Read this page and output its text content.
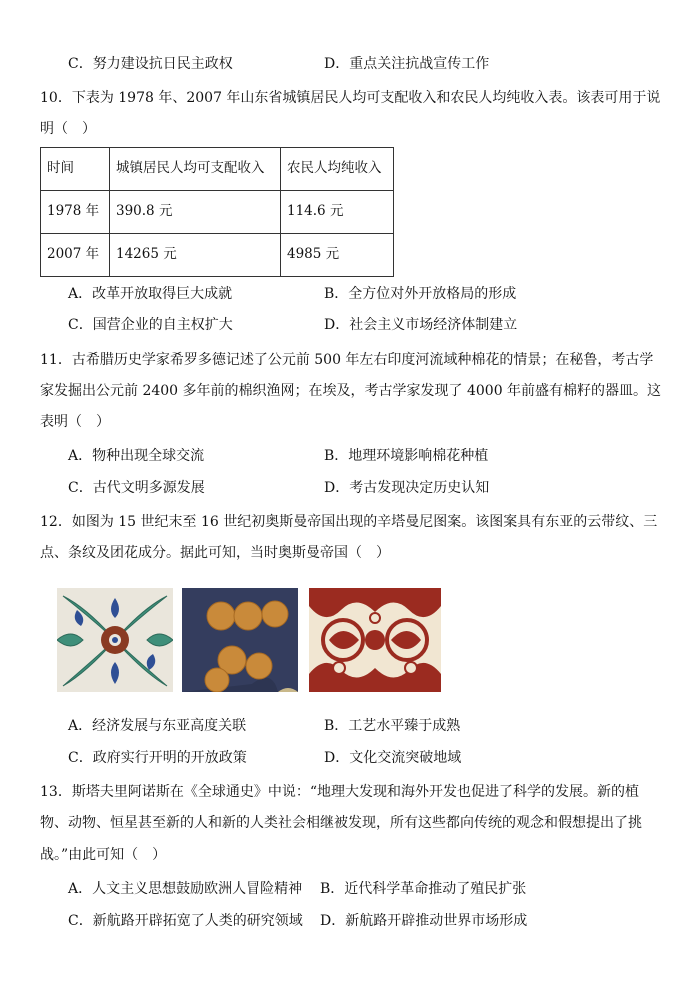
C．努力建设抗日民主政权	D．重点关注抗战宣传工作
10．下表为 1978 年、2007 年山东省城镇居民人均可支配收入和农民人均纯收入表。该表可用于说
明（　）
时间	城镇居民人均可支配收入	农民人均纯收入
1978 年	390.8 元	114.6 元
2007 年	14265 元	4985 元
A．改革开放取得巨大成就	B．全方位对外开放格局的形成
C．国营企业的自主权扩大	D．社会主义市场经济体制建立
11．古希腊历史学家希罗多德记述了公元前 500 年左右印度河流域种棉花的情景；在秘鲁，考古学
家发掘出公元前 2400 多年前的棉织渔网；在埃及，考古学家发现了 4000 年前盛有棉籽的器皿。这
表明（　）
A．物种出现全球交流	B．地理环境影响棉花种植
C．古代文明多源发展	D．考古发现决定历史认知
12．如图为 15 世纪末至 16 世纪初奥斯曼帝国出现的辛塔曼尼图案。该图案具有东亚的云带纹、三
点、条纹及团花成分。据此可知，当时奥斯曼帝国（　）
A．经济发展与东亚高度关联	B．工艺水平臻于成熟
C．政府实行开明的开放政策	D．文化交流突破地域
13．斯塔夫里阿诺斯在《全球通史》中说：“地理大发现和海外开发也促进了科学的发展。新的植
物、动物、恒星甚至新的人和新的人类社会相继被发现，所有这些都向传统的观念和假想提出了挑
战。”由此可知（　）
A．人文主义思想鼓励欧洲人冒险精神 B．近代科学革命推动了殖民扩张
C．新航路开辟拓宽了人类的研究领域 D．新航路开辟推动世界市场形成
